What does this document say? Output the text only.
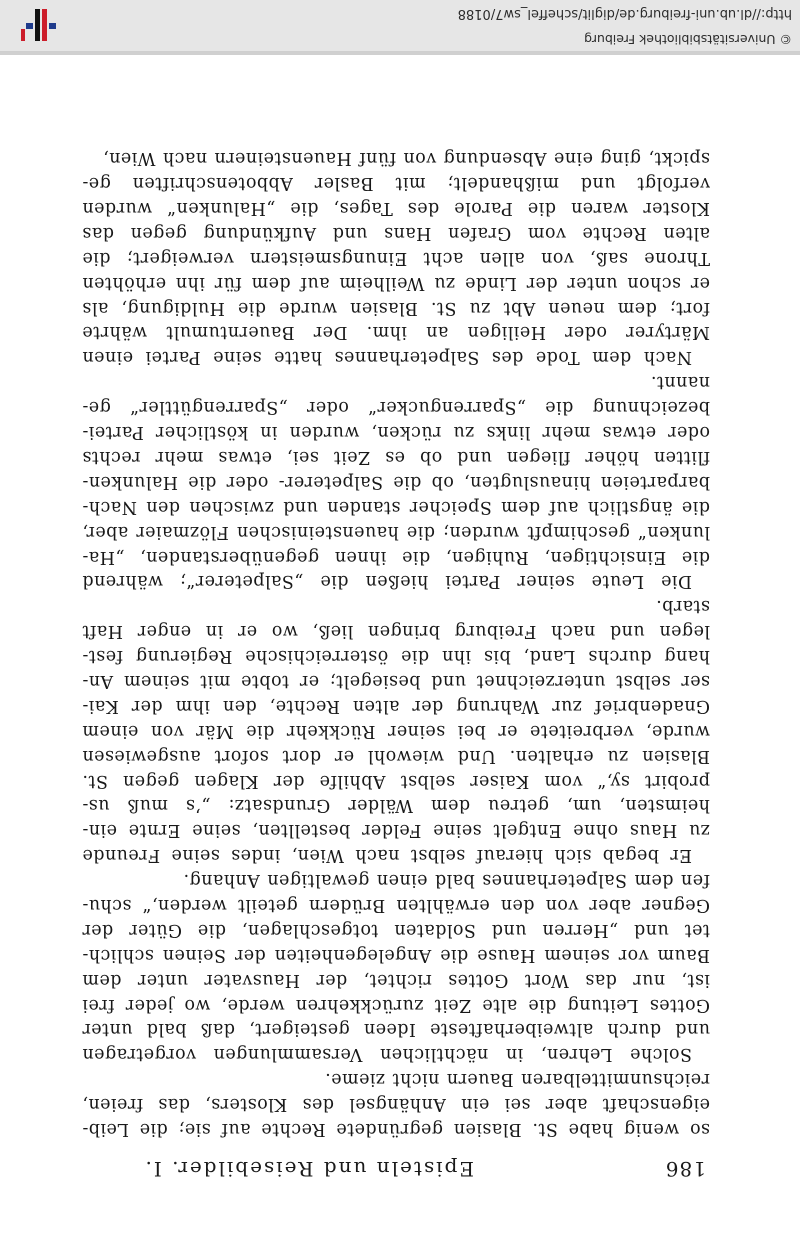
186
Episteln und Reisebilder. I.
so wenig habe St. Blasien gegründete Rechte auf sie; die Leib-
eigenschaft aber sei ein Anhängsel des Klosters, das freien,
reichsunmittelbaren Bauern nicht zieme.
Solche Lehren, in nächtlichen Versammlungen vorgetragen
und durch altweiberhafteste Ideen gesteigert, daß bald unter
Gottes Leitung die alte Zeit zurückkehren werde, wo jeder frei
ist, nur das Wort Gottes richtet, der Hausvater unter dem
Baum vor seinem Hause die Angelegenheiten der Seinen schlich-
tet und „Herren und Soldaten totgeschlagen, die Güter der
Gegner aber von den erwählten Brüdern geteilt werden,“ schu-
fen dem Salpeterhannes bald einen gewaltigen Anhang.
Er begab sich hierauf selbst nach Wien, indes seine Freunde
zu Haus ohne Entgelt seine Felder bestellten, seine Ernte ein-
heimsten, um, getreu dem Wälder Grundsatz: „’s muß us-
probirt sy,“ vom Kaiser selbst Abhilfe der Klagen gegen St.
Blasien zu erhalten. Und wiewohl er dort sofort ausgewiesen
wurde, verbreitete er bei seiner Rückkehr die Mär von einem
Gnadenbrief zur Wahrung der alten Rechte, den ihm der Kai-
ser selbst unterzeichnet und besiegelt; er tobte mit seinem An-
hang durchs Land, bis ihn die österreichische Regierung fest-
legen und nach Freiburg bringen ließ, wo er in enger Haft
starb.
Die Leute seiner Partei hießen die „Salpeterer“; während
die Einsichtigen, Ruhigen, die ihnen gegenüberstanden, „Ha-
lunken“ geschimpft wurden; die hauensteinischen Flözmaier aber,
die ängstlich auf dem Speicher standen und zwischen den Nach-
barparteien hinauslugten, ob die Salpeterer- oder die Halunken-
flitten höher fliegen und ob es Zeit sei, etwas mehr rechts
oder etwas mehr links zu rücken, wurden in köstlicher Partei-
bezeichnung die „Sparrengucker“ oder „Sparrengüttler“ ge-
nannt.
Nach dem Tode des Salpeterhannes hatte seine Partei einen
Märtyrer oder Heiligen an ihm. Der Bauerntumult währte
fort; dem neuen Abt zu St. Blasien wurde die Huldigung, als
er schon unter der Linde zu Weilheim auf dem für ihn erhöhten
Throne saß, von allen acht Einungsmeistern verweigert; die
alten Rechte vom Grafen Hans und Aufkündung gegen das
Kloster waren die Parole des Tages, die „Halunken“ wurden
verfolgt und mißhandelt; mit Basler Abbotenschriften ge-
spickt, ging eine Absendung von fünf Hauensteinern nach Wien,
© Universitätsbibliothek Freiburg
http://dl.ub.uni-freiburg.de/diglit/scheffel_sw7/0188
